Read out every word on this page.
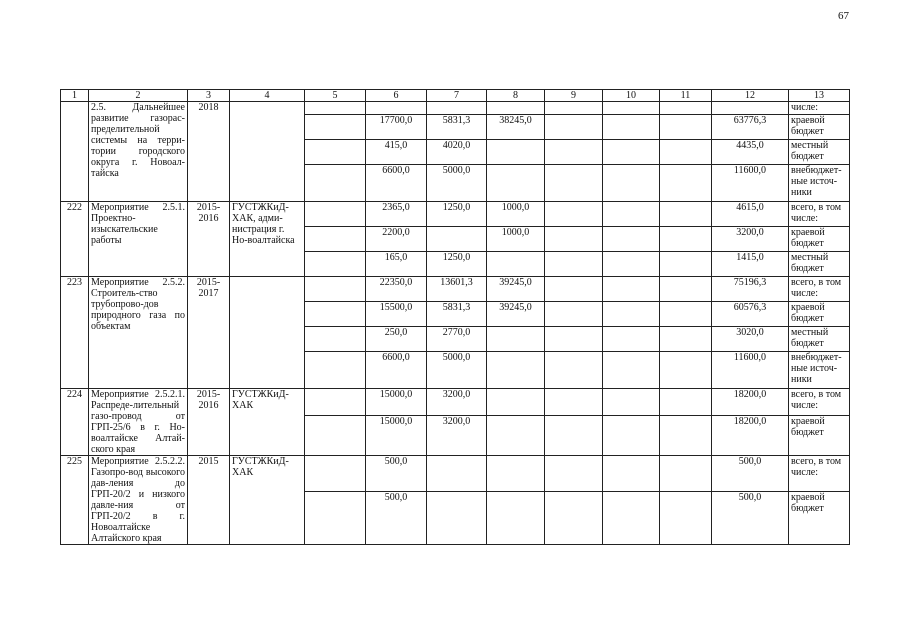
67
1	2	3	4	5	6	7	8	9	10	11	12	13
	2.5. Дальнейшее развитие газорас-пределительной системы на терри-тории городского округа г. Новоал-тайска	2018										числе:
					17700,0	5831,3	38245,0				63776,3	краевой бюджет
					415,0	4020,0					4435,0	местный бюджет
					6600,0	5000,0					11600,0	внебюджет-ные источ-ники
222	Мероприятие 2.5.1. Проектно-изыскательские работы	2015-2016	ГУСТЖКиД-ХАК, адми-нистрация г. Но-воалтайска		2365,0	1250,0	1000,0				4615,0	всего, в том числе:
					2200,0		1000,0				3200,0	краевой бюджет
					165,0	1250,0					1415,0	местный бюджет
223	Мероприятие 2.5.2. Строитель-ство трубопрово-дов природного газа по объектам	2015-2017			22350,0	13601,3	39245,0				75196,3	всего, в том числе:
					15500,0	5831,3	39245,0				60576,3	краевой бюджет
					250,0	2770,0					3020,0	местный бюджет
					6600,0	5000,0					11600,0	внебюджет-ные источ-ники
224	Мероприятие 2.5.2.1. Распреде-лительный газо-провод от ГРП-25/6 в г. Но-воалтайске Алтай-ского края	2015-2016	ГУСТЖКиД-ХАК		15000,0	3200,0					18200,0	всего, в том числе:
					15000,0	3200,0					18200,0	краевой бюджет
225	Мероприятие 2.5.2.2. Газопро-вод высокого дав-ления до ГРП-20/2 и низкого давле-ния от ГРП-20/2 в г. Новоалтайске Алтайского края	2015	ГУСТЖКиД-ХАК		500,0						500,0	всего, в том числе:
					500,0						500,0	краевой бюджет
